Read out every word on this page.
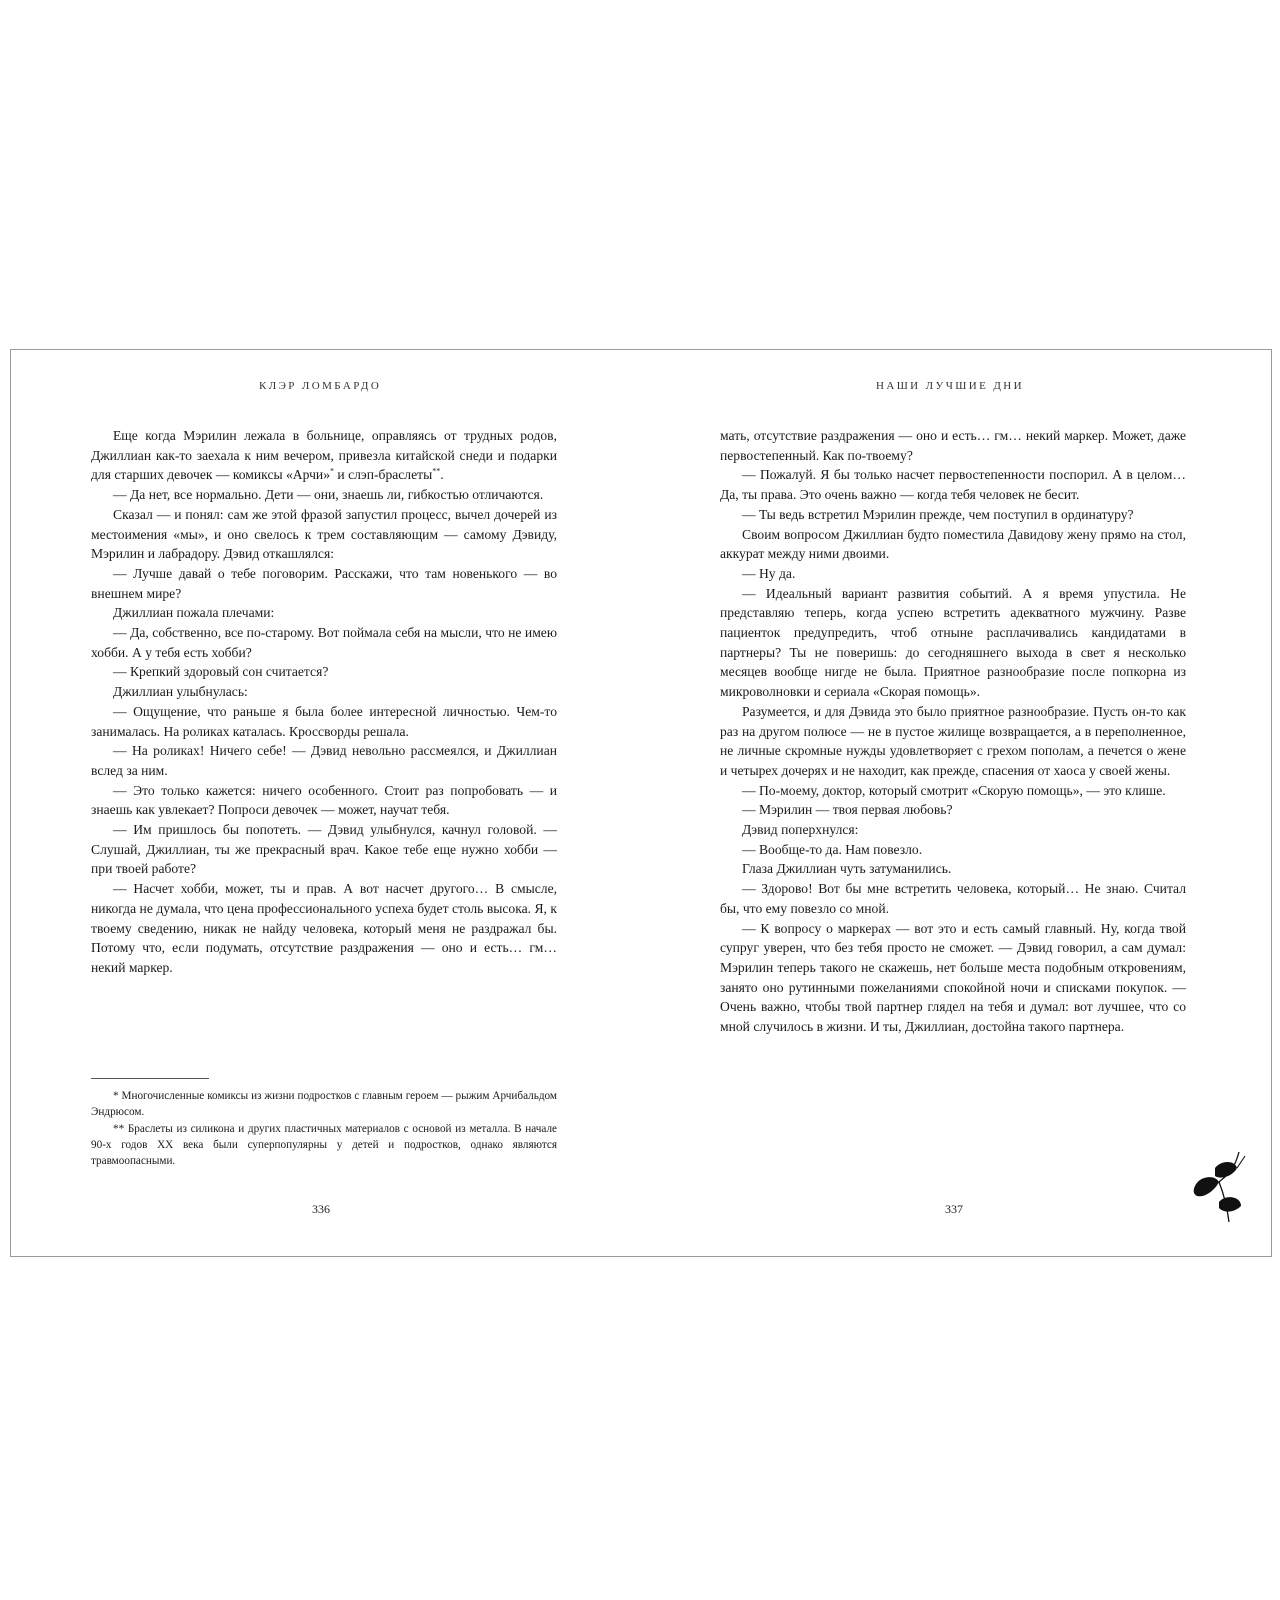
КЛЭР ЛОМБАРДО	НАШИ ЛУЧШИЕ ДНИ

Еще когда Мэрилин лежала в больнице, оправляясь от трудных родов, Джиллиан как-то заехала к ним вечером, привезла китайской снеди и подарки для старших девочек — комиксы «Арчи»* и слэп-браслеты**.

— Да нет, все нормально. Дети — они, знаешь ли, гибкостью отличаются.

Сказал — и понял: сам же этой фразой запустил процесс, вычел дочерей из местоимения «мы», и оно свелось к трем составляющим — самому Дэвиду, Мэрилин и лабрадору. Дэвид откашлялся:

— Лучше давай о тебе поговорим. Расскажи, что там новенького — во внешнем мире?

Джиллиан пожала плечами:

— Да, собственно, все по-старому. Вот поймала себя на мысли, что не имею хобби. А у тебя есть хобби?

— Крепкий здоровый сон считается?

Джиллиан улыбнулась:

— Ощущение, что раньше я была более интересной личностью. Чем-то занималась. На роликах каталась. Кроссворды решала.

— На роликах! Ничего себе! — Дэвид невольно рассмеялся, и Джиллиан вслед за ним.

— Это только кажется: ничего особенного. Стоит раз попробовать — и знаешь как увлекает? Попроси девочек — может, научат тебя.

— Им пришлось бы попотеть. — Дэвид улыбнулся, качнул головой. — Слушай, Джиллиан, ты же прекрасный врач. Какое тебе еще нужно хобби — при твоей работе?

— Насчет хобби, может, ты и прав. А вот насчет другого… В смысле, никогда не думала, что цена профессионального успеха будет столь высока. Я, к твоему сведению, никак не найду человека, который меня не раздражал бы. Потому что, если подумать, отсутствие раздражения — оно и есть… гм… некий маркер.

* Многочисленные комиксы из жизни подростков с главным героем — рыжим Арчибальдом Эндрюсом.

** Браслеты из силикона и других пластичных материалов с основой из металла. В начале 90-х годов XX века были суперпопулярны у детей и подростков, однако являются травмоопасными.

мать, отсутствие раздражения — оно и есть… гм… некий маркер. Может, даже первостепенный. Как по-твоему?

— Пожалуй. Я бы только насчет первостепенности поспорил. А в целом… Да, ты права. Это очень важно — когда тебя человек не бесит.

— Ты ведь встретил Мэрилин прежде, чем поступил в ординатуру?

Своим вопросом Джиллиан будто поместила Давидову жену прямо на стол, аккурат между ними двоими.

— Ну да.

— Идеальный вариант развития событий. А я время упустила. Не представляю теперь, когда успею встретить адекватного мужчину. Разве пациенток предупредить, чтоб отныне расплачивались кандидатами в партнеры? Ты не поверишь: до сегодняшнего выхода в свет я несколько месяцев вообще нигде не была. Приятное разнообразие после попкорна из микроволновки и сериала «Скорая помощь».

Разумеется, и для Дэвида это было приятное разнообразие. Пусть он-то как раз на другом полюсе — не в пустое жилище возвращается, а в переполненное, не личные скромные нужды удовлетворяет с грехом пополам, а печется о жене и четырех дочерях и не находит, как прежде, спасения от хаоса у своей жены.

— По-моему, доктор, который смотрит «Скорую помощь», — это клише.

— Мэрилин — твоя первая любовь?

Дэвид поперхнулся:

— Вообще-то да. Нам повезло.

Глаза Джиллиан чуть затуманились.

— Здорово! Вот бы мне встретить человека, который… Не знаю. Считал бы, что ему повезло со мной.

— К вопросу о маркерах — вот это и есть самый главный. Ну, когда твой супруг уверен, что без тебя просто не сможет. — Дэвид говорил, а сам думал: Мэрилин теперь такого не скажешь, нет больше места подобным откровениям, занято оно рутинными пожеланиями спокойной ночи и списками покупок. — Очень важно, чтобы твой партнер глядел на тебя и думал: вот лучшее, что со мной случилось в жизни. И ты, Джиллиан, достойна такого партнера.

336	337
